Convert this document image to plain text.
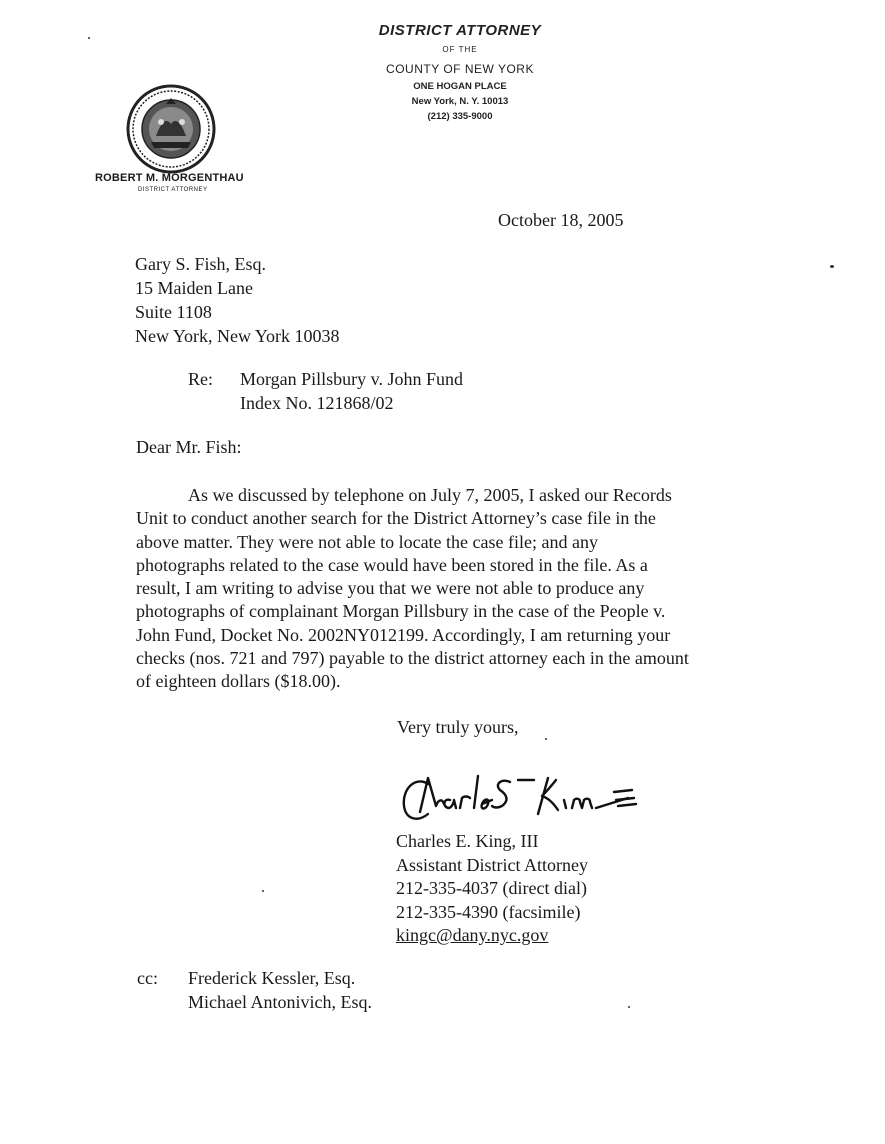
DISTRICT ATTORNEY
OF THE
COUNTY OF NEW YORK
ONE HOGAN PLACE
New York, N. Y. 10013
(212) 335-9000
ROBERT M. MORGENTHAU
DISTRICT ATTORNEY
October 18, 2005
Gary S. Fish, Esq.
15 Maiden Lane
Suite 1108
New York, New York 10038
Re: Morgan Pillsbury v. John Fund
Index No. 121868/02
Dear Mr. Fish:
As we discussed by telephone on July 7, 2005, I asked our Records
Unit to conduct another search for the District Attorney’s case file in the
above matter. They were not able to locate the case file; and any
photographs related to the case would have been stored in the file. As a
result, I am writing to advise you that we were not able to produce any
photographs of complainant Morgan Pillsbury in the case of the People v.
John Fund, Docket No. 2002NY012199. Accordingly, I am returning your
checks (nos. 721 and 797) payable to the district attorney each in the amount
of eighteen dollars ($18.00).
Very truly yours,
Charles E. King, III
Assistant District Attorney
212-335-4037 (direct dial)
212-335-4390 (facsimile)
kingc@dany.nyc.gov
cc: Frederick Kessler, Esq.
Michael Antonivich, Esq.
